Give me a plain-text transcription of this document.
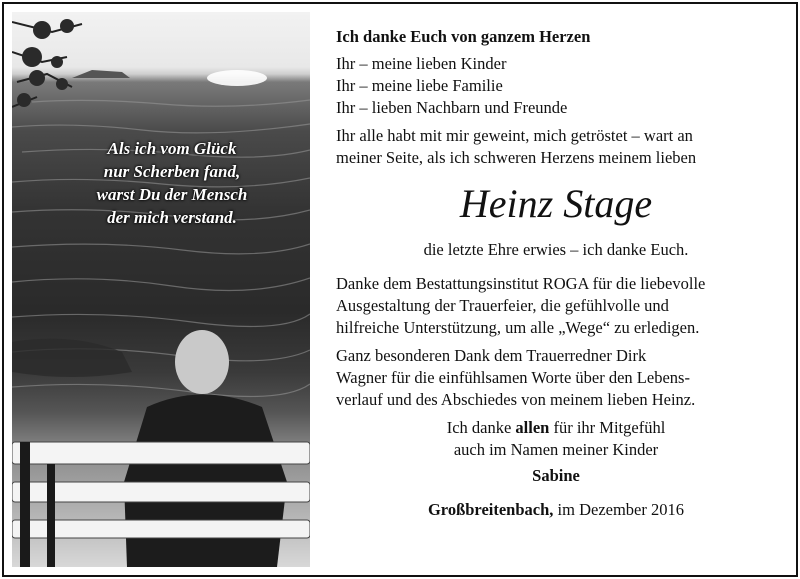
Als ich vom Glück
nur Scherben fand,
warst Du der Mensch
der mich verstand.
Ich danke Euch von ganzem Herzen
Ihr – meine lieben Kinder
Ihr – meine liebe Familie
Ihr – lieben Nachbarn und Freunde
Ihr alle habt mit mir geweint, mich getröstet – wart an
meiner Seite, als ich schweren Herzens meinem lieben
Heinz Stage
die letzte Ehre erwies – ich danke Euch.
Danke dem Bestattungsinstitut ROGA für die liebevolle
Ausgestaltung der Trauerfeier, die gefühlvolle und
hilfreiche Unterstützung, um alle „Wege“ zu erledigen.
Ganz besonderen Dank dem Trauerredner Dirk
Wagner für die einfühlsamen Worte über den Lebens-
verlauf und des Abschiedes von meinem lieben Heinz.
Ich danke allen für ihr Mitgefühl
auch im Namen meiner Kinder
Sabine
Großbreitenbach, im Dezember 2016
